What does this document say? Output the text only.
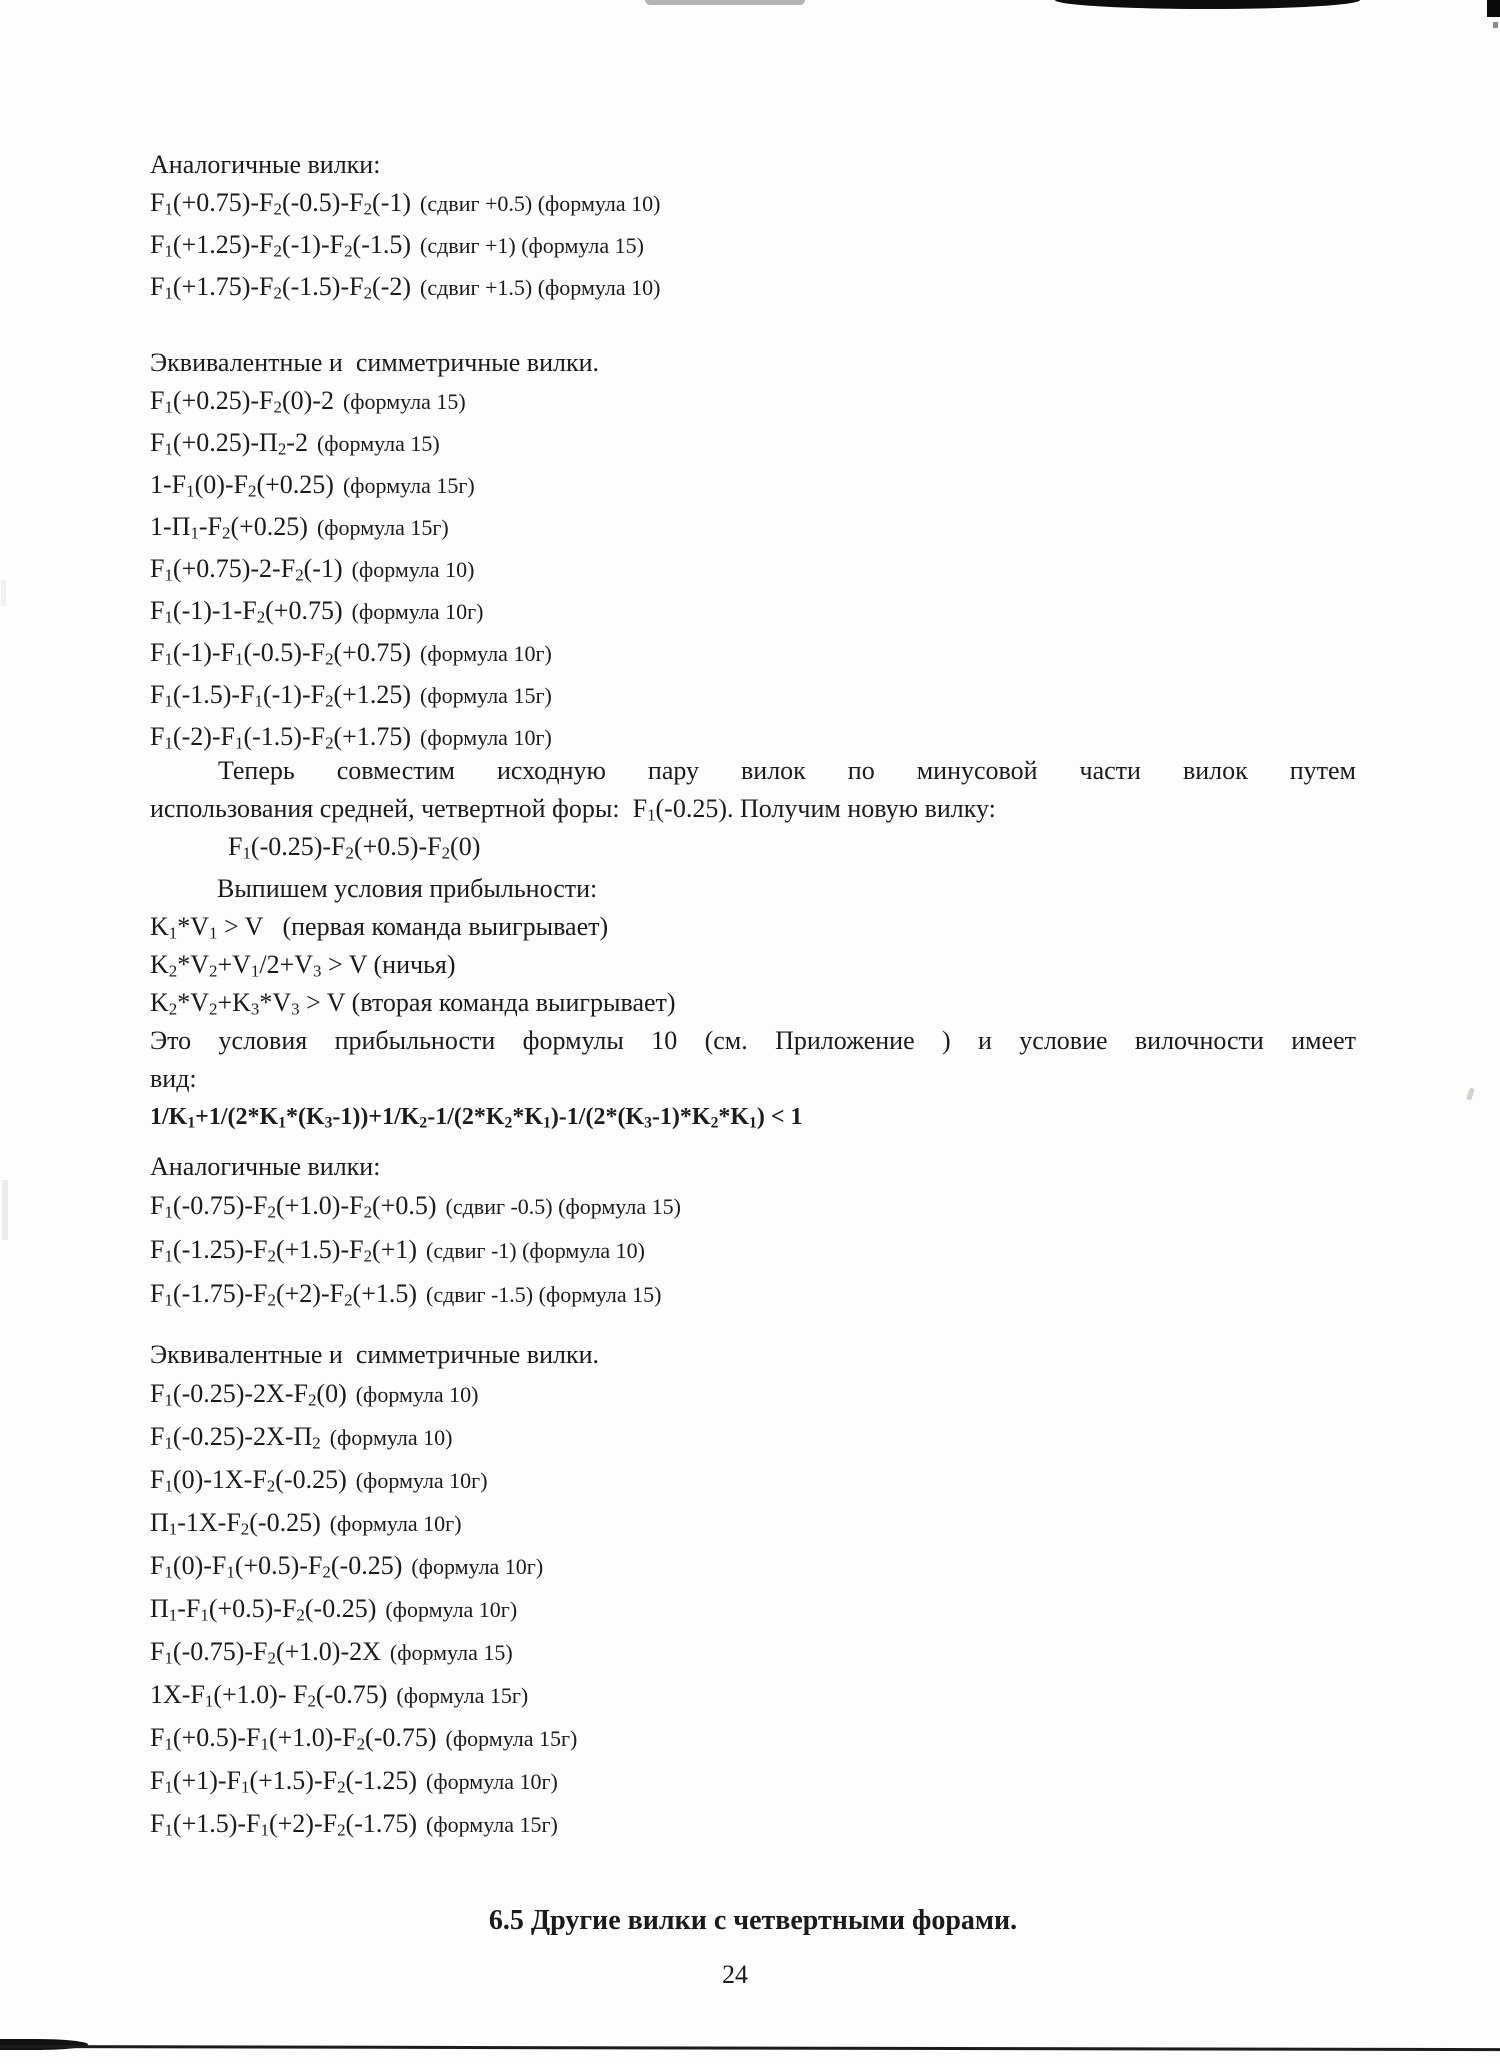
Аналогичные вилки:
$F_1(+0.75)-F_2(-0.5)-F_2(-1)$ (сдвиг +0.5) (формула 10)
$F_1(+1.25)-F_2(-1)-F_2(-1.5)$ (сдвиг +1) (формула 15)
$F_1(+1.75)-F_2(-1.5)-F_2(-2)$ (сдвиг +1.5) (формула 10)
Эквивалентные и  симметричные вилки.
$F_1(+0.25)-F_2(0)-2$ (формула 15)
$F_1(+0.25)-П_2-2$ (формула 15)
$1-F_1(0)-F_2(+0.25)$ (формула 15г)
$1-П_1-F_2(+0.25)$ (формула 15г)
$F_1(+0.75)-2-F_2(-1)$ (формула 10)
$F_1(-1)-1-F_2(+0.75)$ (формула 10г)
$F_1(-1)-F_1(-0.5)-F_2(+0.75)$ (формула 10г)
$F_1(-1.5)-F_1(-1)-F_2(+1.25)$ (формула 15г)
$F_1(-2)-F_1(-1.5)-F_2(+1.75)$ (формула 10г)
Теперь совместим исходную пару вилок по минусовой части вилок путем
использования средней, четвертной форы:  $F_1(-0.25)$. Получим новую вилку:
$F_1(-0.25)-F_2(+0.5)-F_2(0)$
Выпишем условия прибыльности:
$K_1*V_1 > V$   (первая команда выигрывает)
$K_2*V_2+V_1/2+V_3 > V$ (ничья)
$K_2*V_2+K_3*V_3 > V$ (вторая команда выигрывает)
Это условия прибыльности формулы 10 (см. Приложение ) и условие вилочности имеет
вид:
$1/K_1+1/(2*K_1*(K_3-1))+1/K_2-1/(2*K_2*K_1)-1/(2*(K_3-1)*K_2*K_1) < 1$
Аналогичные вилки:
$F_1(-0.75)-F_2(+1.0)-F_2(+0.5)$ (сдвиг -0.5) (формула 15)
$F_1(-1.25)-F_2(+1.5)-F_2(+1)$ (сдвиг -1) (формула 10)
$F_1(-1.75)-F_2(+2)-F_2(+1.5)$ (сдвиг -1.5) (формула 15)
Эквивалентные и  симметричные вилки.
$F_1(-0.25)-2X-F_2(0)$ (формула 10)
$F_1(-0.25)-2X-П_2$ (формула 10)
$F_1(0)-1X-F_2(-0.25)$ (формула 10г)
$П_1-1X-F_2(-0.25)$ (формула 10г)
$F_1(0)-F_1(+0.5)-F_2(-0.25)$ (формула 10г)
$П_1-F_1(+0.5)-F_2(-0.25)$ (формула 10г)
$F_1(-0.75)-F_2(+1.0)-2X$ (формула 15)
$1X-F_1(+1.0)-$ $F_2(-0.75)$ (формула 15г)
$F_1(+0.5)-F_1(+1.0)-F_2(-0.75)$ (формула 15г)
$F_1(+1)-F_1(+1.5)-F_2(-1.25)$ (формула 10г)
$F_1(+1.5)-F_1(+2)-F_2(-1.75)$ (формула 15г)
6.5 Другие вилки с четвертными форами.
24
